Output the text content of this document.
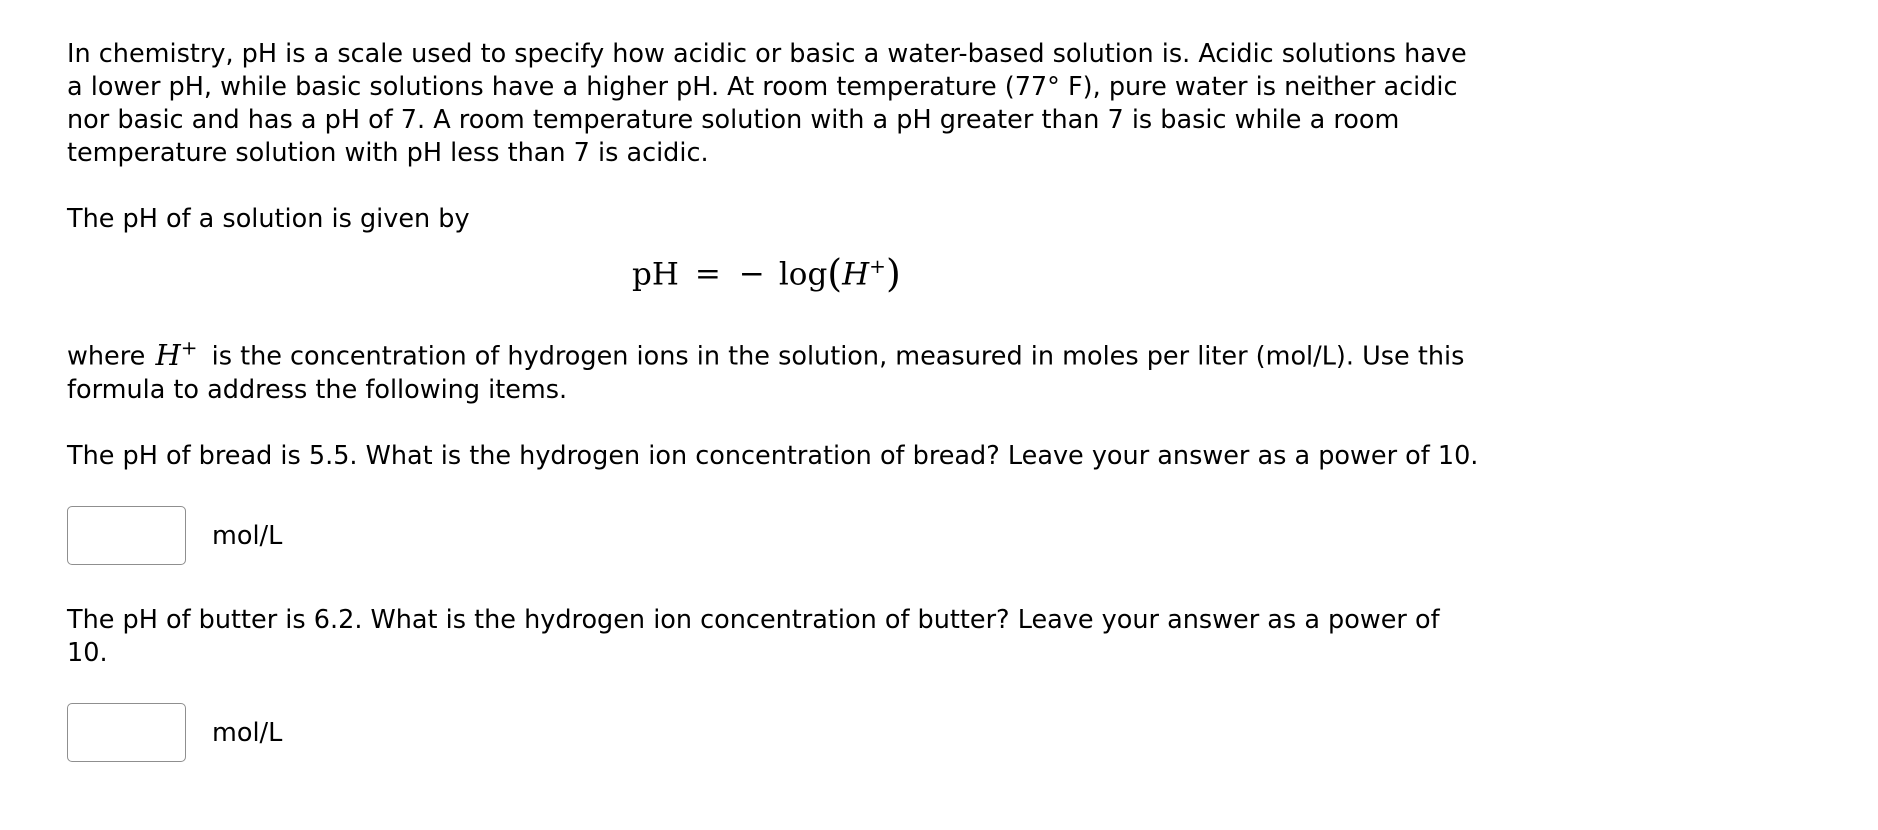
In chemistry, pH is a scale used to specify how acidic or basic a water-based solution is. Acidic solutions have a lower pH, while basic solutions have a higher pH. At room temperature (77° F), pure water is neither acidic nor basic and has a pH of 7. A room temperature solution with a pH greater than 7 is basic while a room temperature solution with pH less than 7 is acidic.

The pH of a solution is given by

pH = − log(H+)

where H+ is the concentration of hydrogen ions in the solution, measured in moles per liter (mol/L). Use this formula to address the following items.

The pH of bread is 5.5. What is the hydrogen ion concentration of bread? Leave your answer as a power of 10.

mol/L

The pH of butter is 6.2. What is the hydrogen ion concentration of butter? Leave your answer as a power of 10.

mol/L
